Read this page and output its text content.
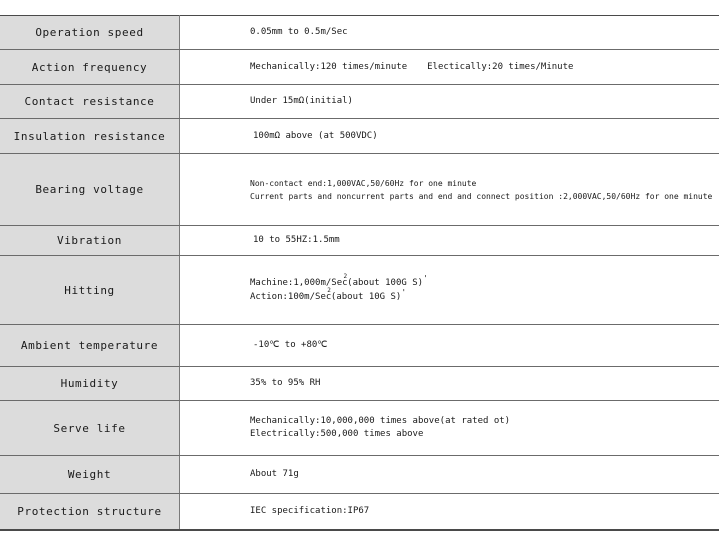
Operation speed	0.05mm to 0.5m/Sec

Action frequency	Mechanically:120 times/minute Electically:20 times/Minute

Contact resistance	Under 15mΩ(initial)

Insulation resistance	100mΩ above (at 500VDC)

Bearing voltage	Non-contact end:1,000VAC,50/60Hz for one minute
Current parts and noncurrent parts and end and connect position :2,000VAC,50/60Hz for one minute

Vibration	10 to 55HZ:1.5mm

Hitting	Machine:1,000m/Sec$^2$(about 100G S)'
Action:100m/Sec$^2$(about 10G S)'

Ambient temperature	-10℃ to +80℃

Humidity	35% to 95% RH

Serve life	Mechanically:10,000,000 times above(at rated ot)
Electrically:500,000 times above

Weight	About 71g

Protection structure	IEC specification:IP67
